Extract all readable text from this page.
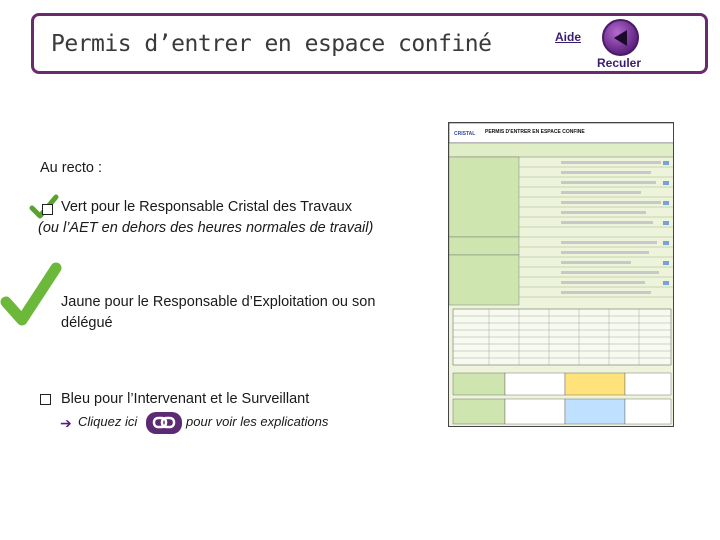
Permis d’entrer en espace confiné	Aide
Reculer
Au recto :
Vert pour le Responsable Cristal des Travaux
(ou l’AET en dehors des heures normales de travail)
Jaune pour le Responsable d’Exploitation ou son
délégué
Bleu pour l’Intervenant et le Surveillant
➔ Cliquez ici	pour voir les explications
CRISTAL PERMIS D'ENTRER EN ESPACE CONFINE
